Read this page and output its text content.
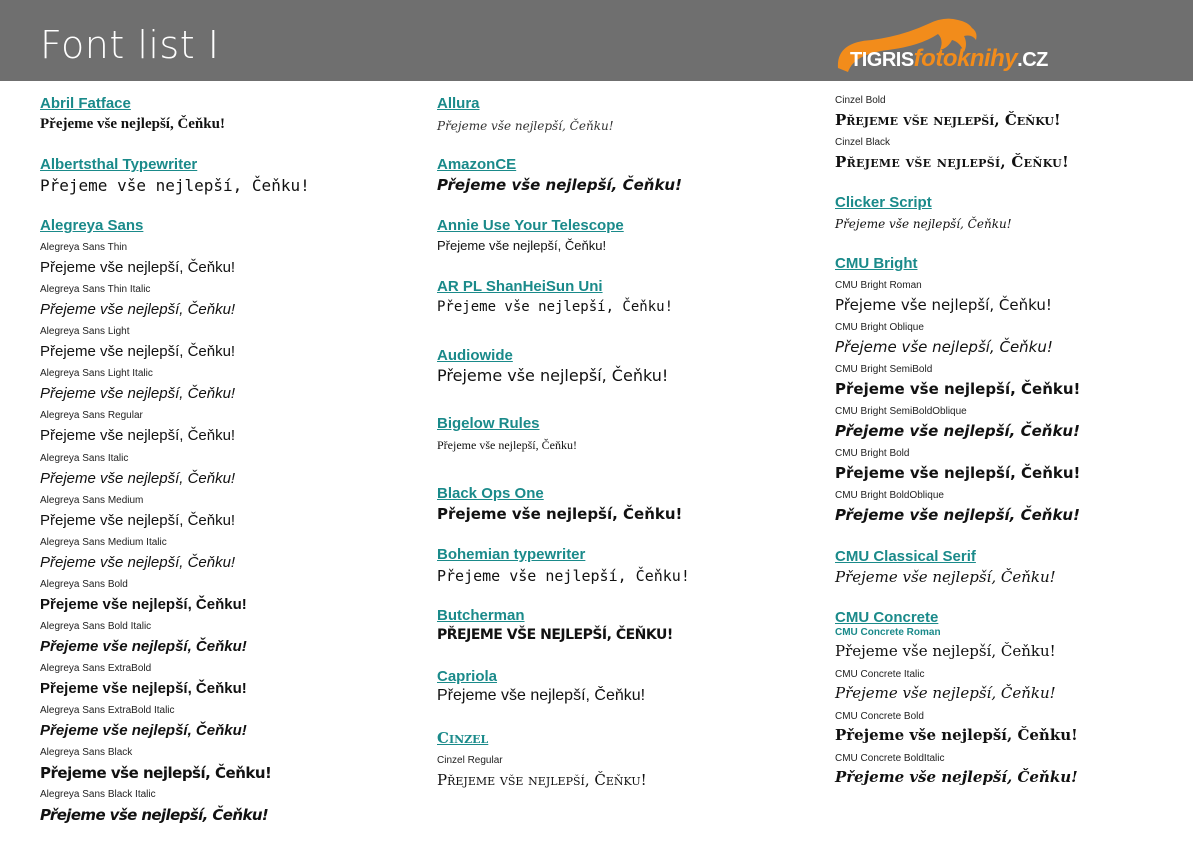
Font list I	TIGRISfotoknihy.CZ
Abril Fatface
Přejeme vše nejlepší, Čeňku!
Albertsthal Typewriter
Přejeme vše nejlepší, Čeňku!
Alegreya Sans
Alegreya Sans Thin
Přejeme vše nejlepší, Čeňku!
Alegreya Sans Thin Italic
Přejeme vše nejlepší, Čeňku!
Alegreya Sans Light
Přejeme vše nejlepší, Čeňku!
Alegreya Sans Light Italic
Přejeme vše nejlepší, Čeňku!
Alegreya Sans Regular
Přejeme vše nejlepší, Čeňku!
Alegreya Sans Italic
Přejeme vše nejlepší, Čeňku!
Alegreya Sans Medium
Přejeme vše nejlepší, Čeňku!
Alegreya Sans Medium Italic
Přejeme vše nejlepší, Čeňku!
Alegreya Sans Bold
Přejeme vše nejlepší, Čeňku!
Alegreya Sans Bold Italic
Přejeme vše nejlepší, Čeňku!
Alegreya Sans ExtraBold
Přejeme vše nejlepší, Čeňku!
Alegreya Sans ExtraBold Italic
Přejeme vše nejlepší, Čeňku!
Alegreya Sans Black
Přejeme vše nejlepší, Čeňku!
Alegreya Sans Black Italic
Přejeme vše nejlepší, Čeňku!
Allura
Přejeme vše nejlepší, Čeňku!
AmazonCE
Přejeme vše nejlepší, Čeňku!
Annie Use Your Telescope
Přejeme vše nejlepší, Čeňku!
AR PL ShanHeiSun Uni
Přejeme vše nejlepší, Čeňku!
Audiowide
Přejeme vše nejlepší, Čeňku!
Bigelow Rules
Přejeme vše nejlepší, Čeňku!
Black Ops One
Přejeme vše nejlepší, Čeňku!
Bohemian typewriter
Přejeme vše nejlepší, Čeňku!
Butcherman
PŘEJEME VŠE NEJLEPŠÍ, ČEŇKU!
Capriola
Přejeme vše nejlepší, Čeňku!
Cinzel
Cinzel Regular
Přejeme vše nejlepší, Čeňku!
Cinzel Bold
Přejeme vše nejlepší, Čeňku!
Cinzel Black
Přejeme vše nejlepší, Čeňku!
Clicker Script
Přejeme vše nejlepší, Čeňku!
CMU Bright
CMU Bright Roman
Přejeme vše nejlepší, Čeňku!
CMU Bright Oblique
Přejeme vše nejlepší, Čeňku!
CMU Bright SemiBold
Přejeme vše nejlepší, Čeňku!
CMU Bright SemiBoldOblique
Přejeme vše nejlepší, Čeňku!
CMU Bright Bold
Přejeme vše nejlepší, Čeňku!
CMU Bright BoldOblique
Přejeme vše nejlepší, Čeňku!
CMU Classical Serif
Přejeme vše nejlepší, Čeňku!
CMU Concrete
CMU Concrete Roman
Přejeme vše nejlepší, Čeňku!
CMU Concrete Italic
Přejeme vše nejlepší, Čeňku!
CMU Concrete Bold
Přejeme vše nejlepší, Čeňku!
CMU Concrete BoldItalic
Přejeme vše nejlepší, Čeňku!
